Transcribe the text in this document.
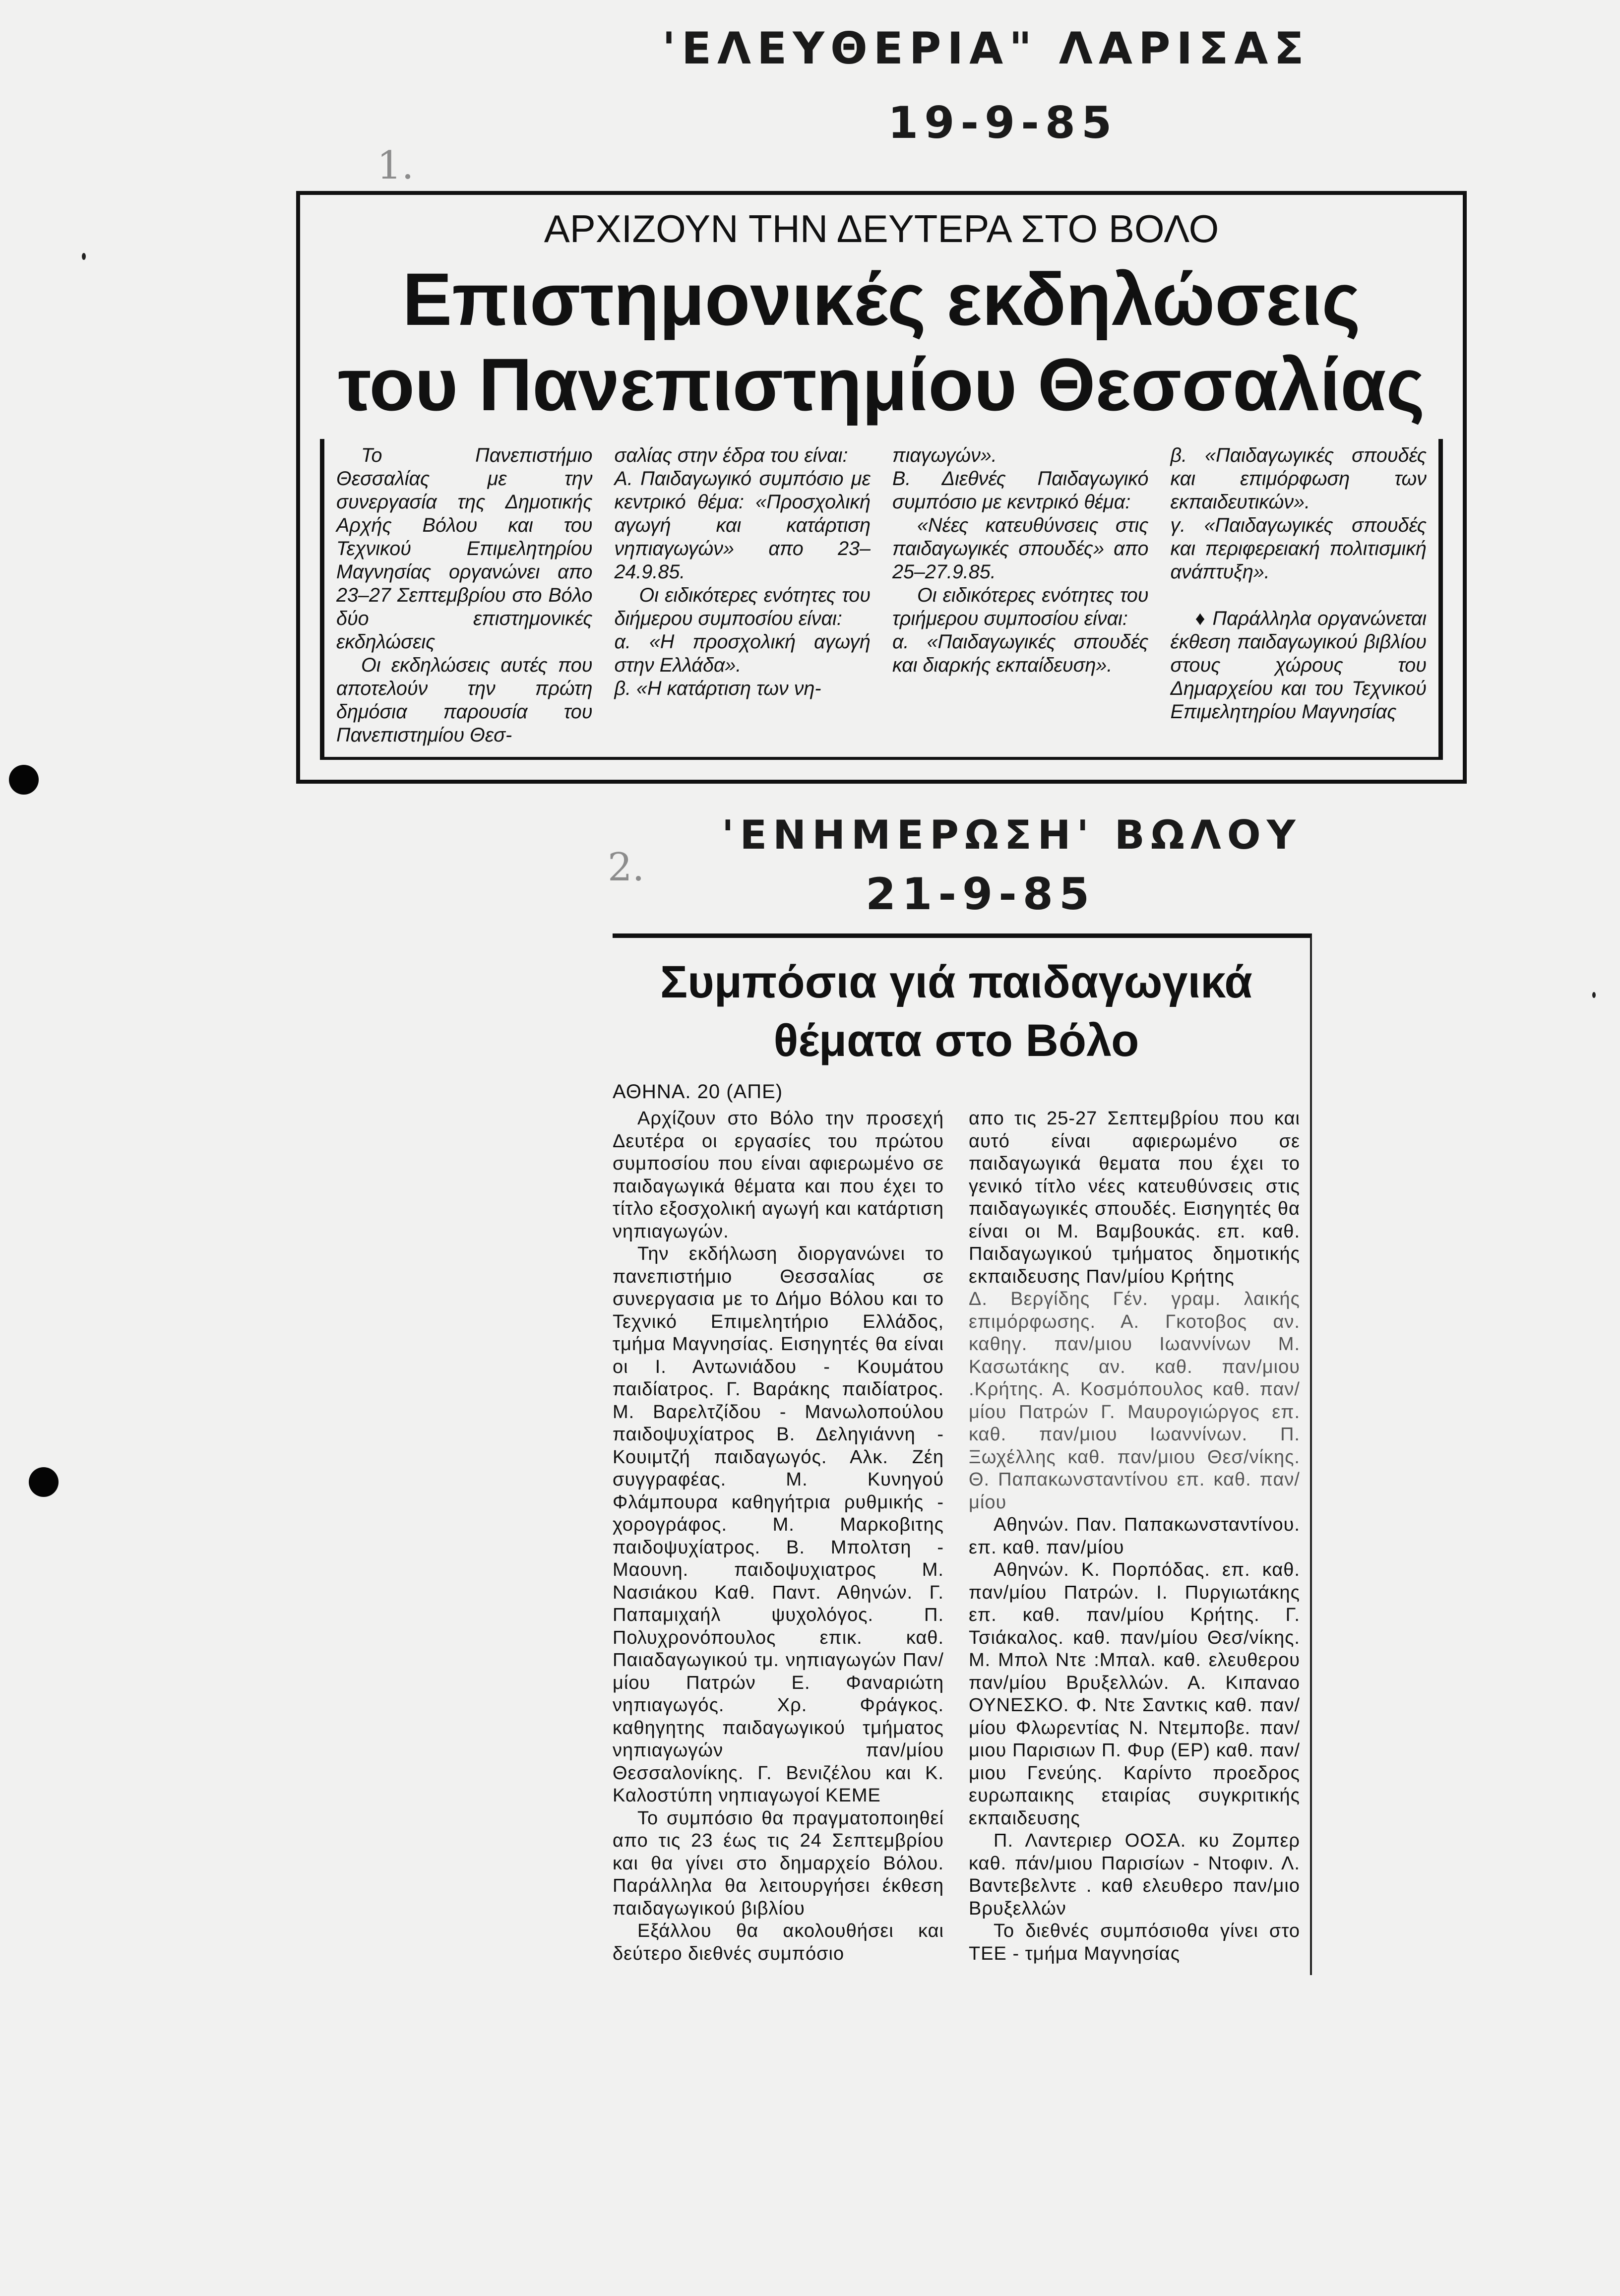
'ΕΛΕΥΘΕΡΙΑ" ΛΑΡΙΣΑΣ
19-9-85
1.
'ΕΝΗΜΕΡΩΣΗ' ΒΩΛΟΥ
21-9-85
2.
ΑΡΧΙΖΟΥΝ ΤΗΝ ΔΕΥΤΕΡΑ ΣΤΟ ΒΟΛΟ
Επιστημονικές εκδηλώσεις
του Πανεπιστημίου Θεσσαλίας

Το Πανεπιστήμιο Θεσσαλίας με την συνεργασία της Δημοτικής Αρχής Βόλου και του Τεχνικού Επιμελητηρίου Μαγνησίας οργανώνει απο 23–27 Σεπτεμβρίου στο Βόλο δύο επιστημονικές εκδηλώσεις

Οι εκδηλώσεις αυτές που αποτελούν την πρώτη δημόσια παρουσία του Πανεπιστημίου Θεσ-

σαλίας στην έδρα του είναι:

Α. Παιδαγωγικό συμπόσιο με κεντρικό θέμα: «Προσχολική αγωγή και κατάρτιση νηπιαγωγών» απο 23–24.9.85.

Οι ειδικότερες ενότητες του διήμερου συμποσίου είναι:

α. «Η προσχολική αγωγή στην Ελλάδα».

β. «Η κατάρτιση των νη-

πιαγωγών».

Β. Διεθνές Παιδαγωγικό συμπόσιο με κεντρικό θέμα:

«Νέες κατευθύνσεις στις παιδαγωγικές σπουδές» απο 25–27.9.85.

Οι ειδικότερες ενότητες του τριήμερου συμποσίου είναι:

α. «Παιδαγωγικές σπουδές και διαρκής εκπαίδευση».

β. «Παιδαγωγικές σπουδές και επιμόρφωση των εκπαιδευτικών».

γ. «Παιδαγωγικές σπουδές και περιφερειακή πολιτισμική ανάπτυξη».

♦ Παράλληλα οργανώνεται έκθεση παιδαγωγικού βιβλίου στους χώρους του Δημαρχείου και του Τεχνικού Επιμελητηρίου Μαγνησίας

Συμπόσια γιά παιδαγωγικά
θέματα στο Βόλο
ΑΘΗΝΑ. 20 (ΑΠΕ)

Αρχίζουν στο Βόλο την προσεχή Δευτέρα οι εργασίες του πρώτου συμποσίου που είναι αφιερωμένο σε παιδαγωγικά θέματα και που έχει το τίτλο εξοσχολική αγωγή και κατάρτιση νηπιαγωγών.

Την εκδήλωση διοργανώνει το πανεπιστήμιο Θεσσαλίας σε συνεργασια με το Δήμο Βόλου και το Τεχνικό Επιμελητήριο Ελλάδος, τμήμα Μαγνησίας. Εισηγητές θα είναι οι Ι. Αντωνιάδου - Κουμάτου παιδίατρος. Γ. Βαράκης παιδίατρος. Μ. Βαρελτζίδου - Μανωλοπούλου παιδοψυχίατρος Β. Δεληγιάννη - Κουιμτζή παιδαγωγός. Αλκ. Ζέη συγγραφέας. Μ. Κυνηγού Φλάμπουρα καθηγήτρια ρυθμικής - χορογράφος. Μ. Μαρκοβιτης παιδοψυχίατρος. Β. Μπολτση - Μαουνη. παιδοψυχιατρος Μ. Νασιάκου Καθ. Παντ. Αθηνών. Γ. Παπαμιχαήλ ψυχολόγος. Π. Πολυχρονόπουλος επικ. καθ. Παιαδαγωγικού τμ. νηπιαγωγών Παν/μίου Πατρών Ε. Φαναριώτη νηπιαγωγός. Χρ. Φράγκος. καθηγητης παιδαγωγικού τμήματος νηπιαγωγών παν/μίου Θεσσαλονίκης. Γ. Βενιζέλου και Κ. Καλοστύπη νηπιαγωγοί ΚΕΜΕ

Το συμπόσιο θα πραγματοποιηθεί απο τις 23 έως τις 24 Σεπτεμβρίου και θα γίνει στο δημαρχείο Βόλου. Παράλληλα θα λειτουργήσει έκθεση παιδαγωγικού βιβλίου

Εξάλλου θα ακολουθήσει και δεύτερο διεθνές συμπόσιο

απο τις 25-27 Σεπτεμβρίου που και αυτό είναι αφιερωμένο σε παιδαγωγικά θεματα που έχει το γενικό τίτλο νέες κατευθύνσεις στις παιδαγωγικές σπουδές. Εισηγητές θα είναι οι Μ. Βαμβουκάς. επ. καθ. Παιδαγωγικού τμήματος δημοτικής εκπαιδευσης Παν/μίου Κρήτης

Δ. Βεργίδης Γέν. γραμ. λαικής επιμόρφωσης. Α. Γκοτοβος αν. καθηγ. παν/μιου Ιωαννίνων Μ. Κασωτάκης αν. καθ. παν/μιου .Κρήτης. Α. Κοσμόπουλος καθ. παν/μίου Πατρών Γ. Μαυρογιώργος επ. καθ. παν/μιου Ιωαννίνων. Π. Ξωχέλλης καθ. παν/μιου Θεσ/νίκης. Θ. Παπακωνσταντίνου επ. καθ. παν/μίου

Αθηνών. Παν. Παπακωνσταντίνου. επ. καθ. παν/μίου

Αθηνών. Κ. Πορπόδας. επ. καθ. παν/μίου Πατρών. Ι. Πυργιωτάκης επ. καθ. παν/μίου Κρήτης. Γ. Τσιάκαλος. καθ. παν/μίου Θεσ/νίκης. Μ. Μπολ Ντε :Μπαλ. καθ. ελευθερου παν/μίου Βρυξελλών. Α. Κιπαναο ΟΥΝΕΣΚΟ. Φ. Ντε Σαντκις καθ. παν/μίου Φλωρεντίας Ν. Ντεμποβε. παν/μιου Παρισιων Π. Φυρ (ΕΡ) καθ. παν/μιου Γενεύης. Καρίντο προεδρος ευρωπαικης εταιρίας συγκριτικής εκπαιδευσης

Π. Λαντεριερ ΟΟΣΑ. κυ Ζομπερ καθ. πάν/μιου Παρισίων - Ντοφιν. Λ. Βαντεβελντε . καθ ελευθερο παν/μιο Βρυξελλών

Το διεθνές συμπόσιοθα γίνει στο ΤΕΕ - τμήμα Μαγνησίας
